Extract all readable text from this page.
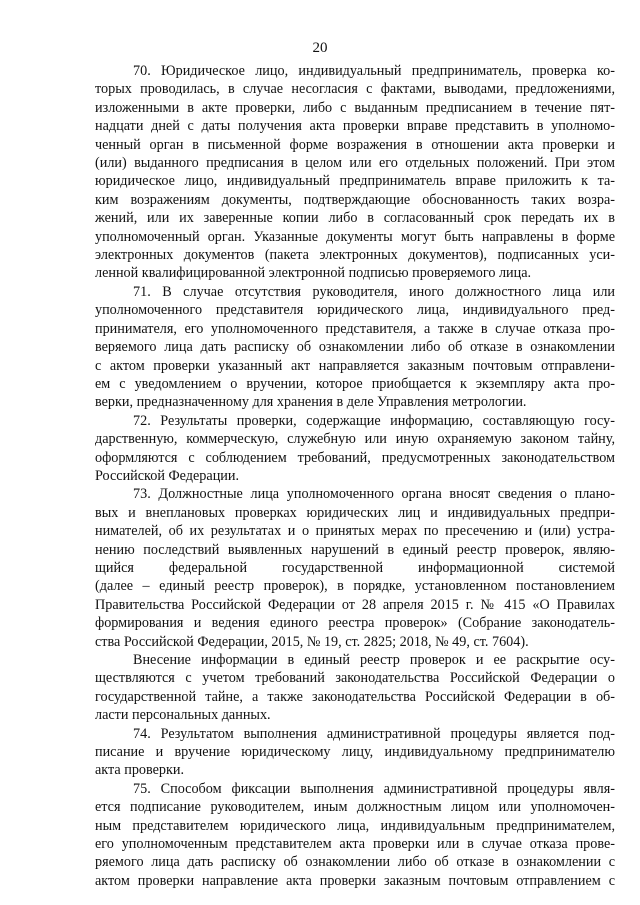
20
70. Юридическое лицо, индивидуальный предприниматель, проверка ко-
торых проводилась, в случае несогласия с фактами, выводами, предложениями,
изложенными в акте проверки, либо с выданным предписанием в течение пят-
надцати дней с даты получения акта проверки вправе представить в уполномо-
ченный орган в письменной форме возражения в отношении акта проверки и
(или) выданного предписания в целом или его отдельных положений. При этом
юридическое лицо, индивидуальный предприниматель вправе приложить к та-
ким возражениям документы, подтверждающие обоснованность таких возра-
жений, или их заверенные копии либо в согласованный срок передать их в
уполномоченный орган. Указанные документы могут быть направлены в форме
электронных документов (пакета электронных документов), подписанных уси-
ленной квалифицированной электронной подписью проверяемого лица.
71. В случае отсутствия руководителя, иного должностного лица или
уполномоченного представителя юридического лица, индивидуального пред-
принимателя, его уполномоченного представителя, а также в случае отказа про-
веряемого лица дать расписку об ознакомлении либо об отказе в ознакомлении
с актом проверки указанный акт направляется заказным почтовым отправлени-
ем с уведомлением о вручении, которое приобщается к экземпляру акта про-
верки, предназначенному для хранения в деле Управления метрологии.
72. Результаты проверки, содержащие информацию, составляющую госу-
дарственную, коммерческую, служебную или иную охраняемую законом тайну,
оформляются с соблюдением требований, предусмотренных законодательством
Российской Федерации.
73. Должностные лица уполномоченного органа вносят сведения о плано-
вых и внеплановых проверках юридических лиц и индивидуальных предпри-
нимателей, об их результатах и о принятых мерах по пресечению и (или) устра-
нению последствий выявленных нарушений в единый реестр проверок, являю-
щийся федеральной государственной информационной системой
(далее – единый реестр проверок), в порядке, установленном постановлением
Правительства Российской Федерации от 28 апреля 2015 г. № 415 «О Правилах
формирования и ведения единого реестра проверок» (Собрание законодатель-
ства Российской Федерации, 2015, № 19, ст. 2825; 2018, № 49, ст. 7604).
Внесение информации в единый реестр проверок и ее раскрытие осу-
ществляются с учетом требований законодательства Российской Федерации о
государственной тайне, а также законодательства Российской Федерации в об-
ласти персональных данных.
74. Результатом выполнения административной процедуры является под-
писание и вручение юридическому лицу, индивидуальному предпринимателю
акта проверки.
75. Способом фиксации выполнения административной процедуры явля-
ется подписание руководителем, иным должностным лицом или уполномочен-
ным представителем юридического лица, индивидуальным предпринимателем,
его уполномоченным представителем акта проверки или в случае отказа прове-
ряемого лица дать расписку об ознакомлении либо об отказе в ознакомлении с
актом проверки направление акта проверки заказным почтовым отправлением с
